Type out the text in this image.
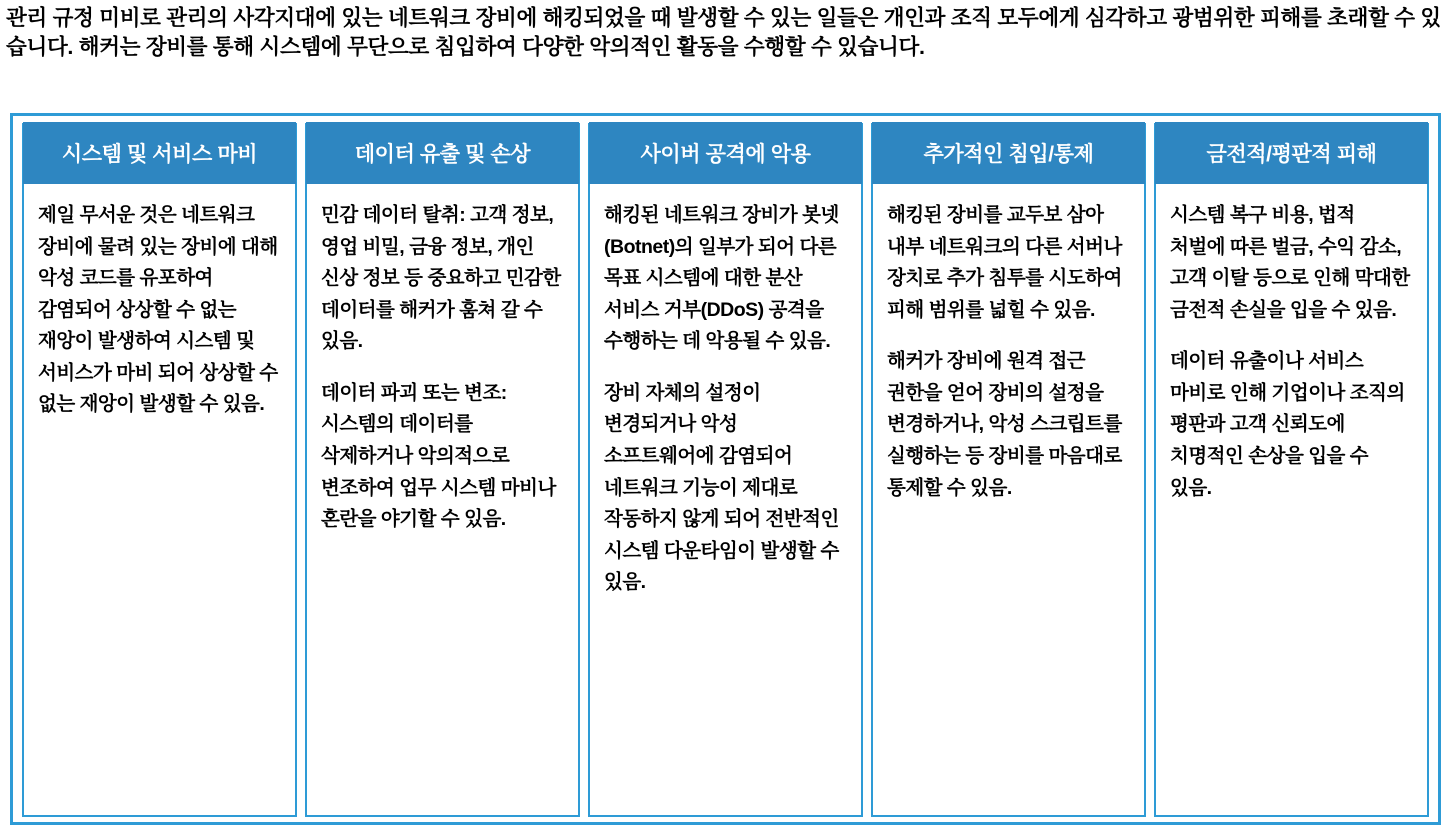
관리 규정 미비로 관리의 사각지대에 있는 네트워크 장비에 해킹되었을 때 발생할 수 있는 일들은 개인과 조직 모두에게 심각하고 광범위한 피해를 초래할 수 있습니다. 해커는 장비를 통해 시스템에 무단으로 침입하여 다양한 악의적인 활동을 수행할 수 있습니다.
시스템 및 서비스 마비

제일 무서운 것은 네트워크 장비에 물려 있는 장비에 대해 악성 코드를 유포하여 감염되어 상상할 수 없는 재앙이 발생하여 시스템 및 서비스가 마비 되어 상상할 수 없는 재앙이 발생할 수 있음.

데이터 유출 및 손상

민감 데이터 탈취: 고객 정보, 영업 비밀, 금융 정보, 개인 신상 정보 등 중요하고 민감한 데이터를 해커가 훔쳐 갈 수 있음.

데이터 파괴 또는 변조: 시스템의 데이터를 삭제하거나 악의적으로 변조하여 업무 시스템 마비나 혼란을 야기할 수 있음.

사이버 공격에 악용

해킹된 네트워크 장비가 봇넷(Botnet)의 일부가 되어 다른 목표 시스템에 대한 분산 서비스 거부(DDoS) 공격을 수행하는 데 악용될 수 있음.

장비 자체의 설정이 변경되거나 악성 소프트웨어에 감염되어 네트워크 기능이 제대로 작동하지 않게 되어 전반적인 시스템 다운타임이 발생할 수 있음.

추가적인 침입/통제

해킹된 장비를 교두보 삼아 내부 네트워크의 다른 서버나 장치로 추가 침투를 시도하여 피해 범위를 넓힐 수 있음.

해커가 장비에 원격 접근 권한을 얻어 장비의 설정을 변경하거나, 악성 스크립트를 실행하는 등 장비를 마음대로 통제할 수 있음.

금전적/평판적 피해

시스템 복구 비용, 법적 처벌에 따른 벌금, 수익 감소, 고객 이탈 등으로 인해 막대한 금전적 손실을 입을 수 있음.

데이터 유출이나 서비스 마비로 인해 기업이나 조직의 평판과 고객 신뢰도에 치명적인 손상을 입을 수 있음.
